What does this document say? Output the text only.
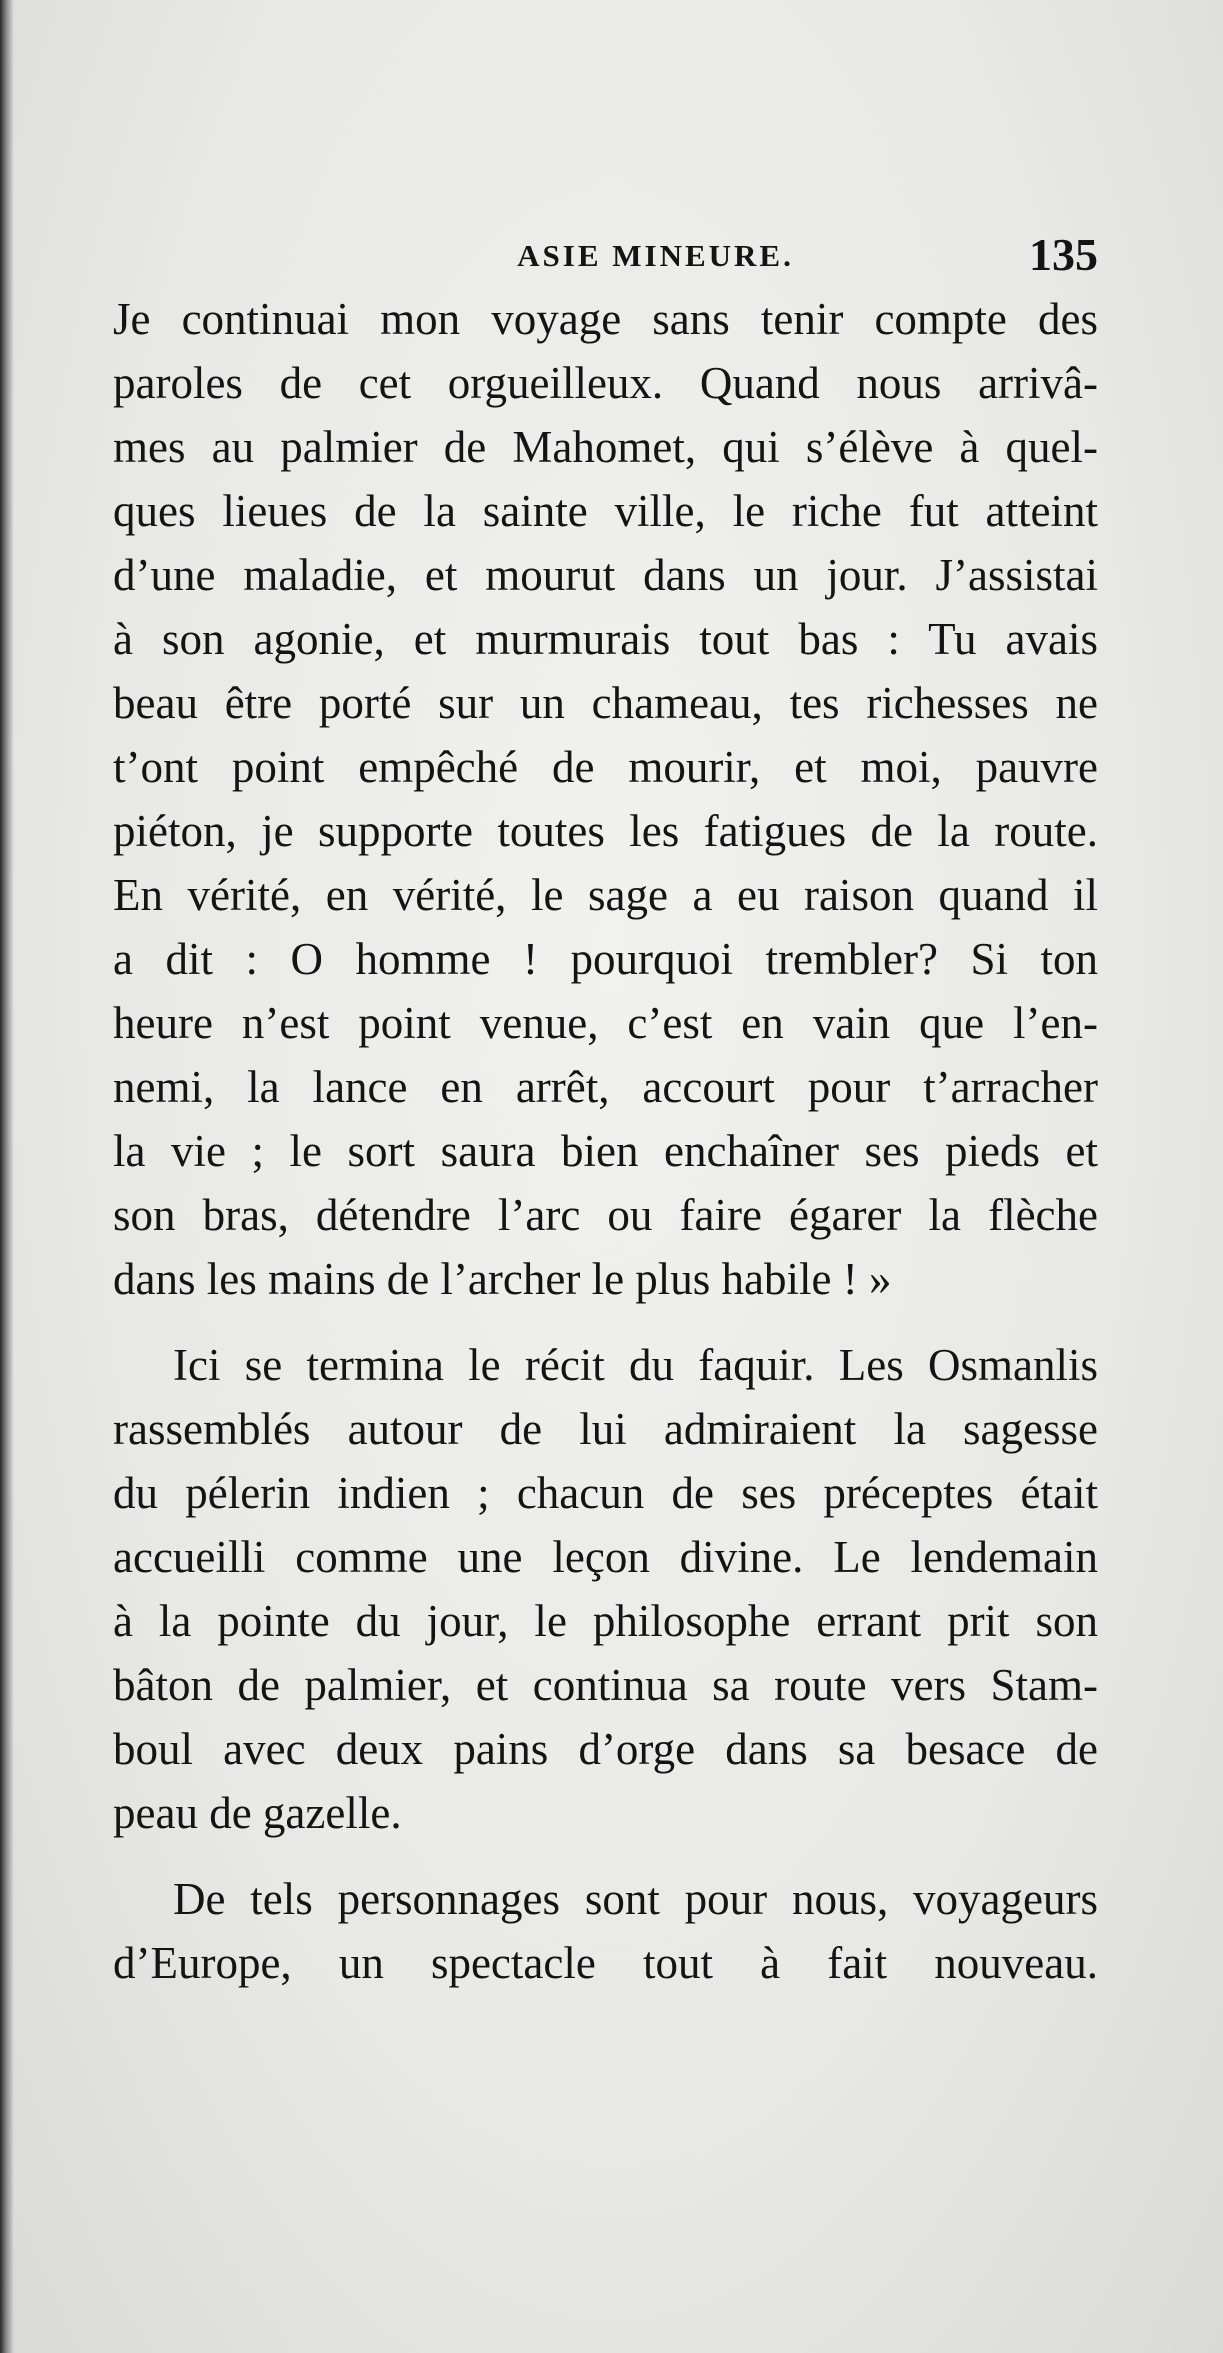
ASIE MINEURE.	135
Je continuai mon voyage sans tenir compte des
paroles de cet orgueilleux. Quand nous arrivâ-
mes au palmier de Mahomet, qui s’élève à quel-
ques lieues de la sainte ville, le riche fut atteint
d’une maladie, et mourut dans un jour. J’assistai
à son agonie, et murmurais tout bas : Tu avais
beau être porté sur un chameau, tes richesses ne
t’ont point empêché de mourir, et moi, pauvre
piéton, je supporte toutes les fatigues de la route.
En vérité, en vérité, le sage a eu raison quand il
a dit : O homme ! pourquoi trembler? Si ton
heure n’est point venue, c’est en vain que l’en-
nemi, la lance en arrêt, accourt pour t’arracher
la vie ; le sort saura bien enchaîner ses pieds et
son bras, détendre l’arc ou faire égarer la flèche
dans les mains de l’archer le plus habile ! »
Ici se termina le récit du faquir. Les Osmanlis
rassemblés autour de lui admiraient la sagesse
du pélerin indien ; chacun de ses préceptes était
accueilli comme une leçon divine. Le lendemain
à la pointe du jour, le philosophe errant prit son
bâton de palmier, et continua sa route vers Stam-
boul avec deux pains d’orge dans sa besace de
peau de gazelle.
De tels personnages sont pour nous, voyageurs
d’Europe, un spectacle tout à fait nouveau.
